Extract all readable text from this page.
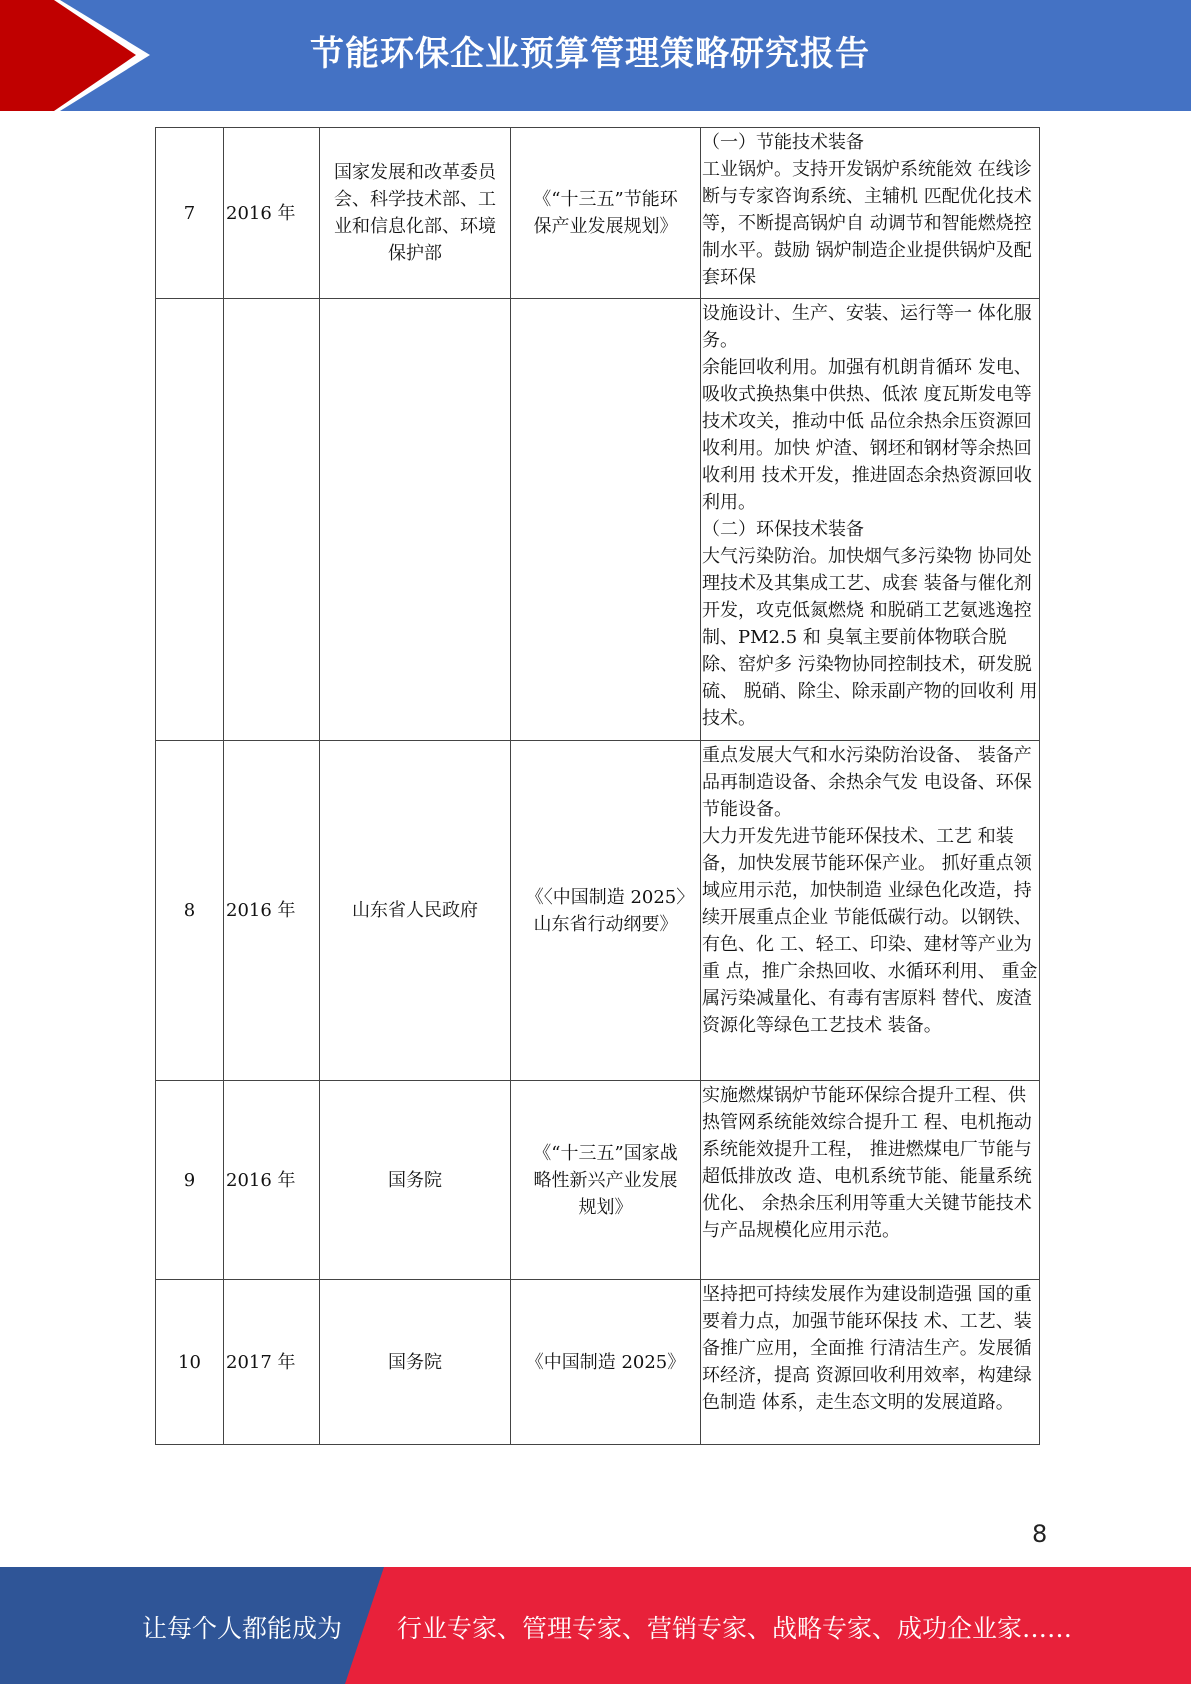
节能环保企业预算管理策略研究报告
7	2016 年	国家发展和改革委员会、科学技术部、工业和信息化部、环境保护部	《“十三五”节能环保产业发展规划》	（一）节能技术装备
工业锅炉。支持开发锅炉系统能效 在线诊断与专家咨询系统、主辅机 匹配优化技术等，不断提高锅炉自 动调节和智能燃烧控制水平。鼓励 锅炉制造企业提供锅炉及配套环保

				设施设计、生产、安装、运行等一 体化服务。
余能回收利用。加强有机朗肯循环 发电、吸收式换热集中供热、低浓 度瓦斯发电等技术攻关，推动中低 品位余热余压资源回收利用。加快 炉渣、钢坯和钢材等余热回收利用 技术开发，推进固态余热资源回收 利用。
（二）环保技术装备
大气污染防治。加快烟气多污染物 协同处理技术及其集成工艺、成套 装备与催化剂开发，攻克低氮燃烧 和脱硝工艺氨逃逸控制、PM2.5 和 臭氧主要前体物联合脱除、窑炉多 污染物协同控制技术，研发脱硫、 脱硝、除尘、除汞副产物的回收利 用技术。

8	2016 年	山东省人民政府	《〈中国制造 2025〉山东省行动纲要》	重点发展大气和水污染防治设备、 装备产品再制造设备、余热余气发 电设备、环保节能设备。
大力开发先进节能环保技术、工艺 和装备，加快发展节能环保产业。 抓好重点领域应用示范，加快制造 业绿色化改造，持续开展重点企业 节能低碳行动。以钢铁、有色、化 工、轻工、印染、建材等产业为重 点，推广余热回收、水循环利用、 重金属污染减量化、有毒有害原料 替代、废渣资源化等绿色工艺技术 装备。

9	2016 年	国务院	《“十三五”国家战略性新兴产业发展规划》	实施燃煤锅炉节能环保综合提升工程、供热管网系统能效综合提升工 程、电机拖动系统能效提升工程， 推进燃煤电厂节能与超低排放改 造、电机系统节能、能量系统优化、 余热余压利用等重大关键节能技术 与产品规模化应用示范。

10	2017 年	国务院	《中国制造 2025》	坚持把可持续发展作为建设制造强 国的重要着力点，加强节能环保技 术、工艺、装备推广应用，全面推 行清洁生产。发展循环经济，提高 资源回收利用效率，构建绿色制造 体系，走生态文明的发展道路。
8
让每个人都能成为 行业专家、管理专家、营销专家、战略专家、成功企业家……
